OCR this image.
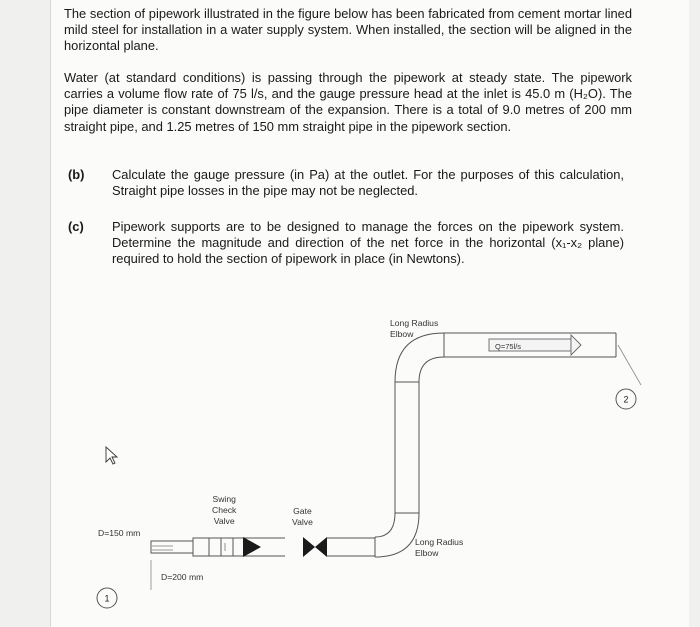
The section of pipework illustrated in the figure below has been fabricated from cement mortar lined mild steel for installation in a water supply system. When installed, the section will be aligned in the horizontal plane.

Water (at standard conditions) is passing through the pipework at steady state. The pipework carries a volume flow rate of 75 l/s, and the gauge pressure head at the inlet is 45.0 m (H₂O). The pipe diameter is constant downstream of the expansion. There is a total of 9.0 metres of 200 mm straight pipe, and 1.25 metres of 150 mm straight pipe in the pipework section.

(b) Calculate the gauge pressure (in Pa) at the outlet. For the purposes of this calculation, Straight pipe losses in the pipe may not be neglected.

(c) Pipework supports are to be designed to manage the forces on the pipework system. Determine the magnitude and direction of the net force in the horizontal (x₁-x₂ plane) required to hold the section of pipework in place (in Newtons).

Q=75l/s
2
1
Long Radius
Elbow
Swing
Check
Valve
Gate
Valve
D=150 mm
D=200 mm
Long Radius
Elbow
